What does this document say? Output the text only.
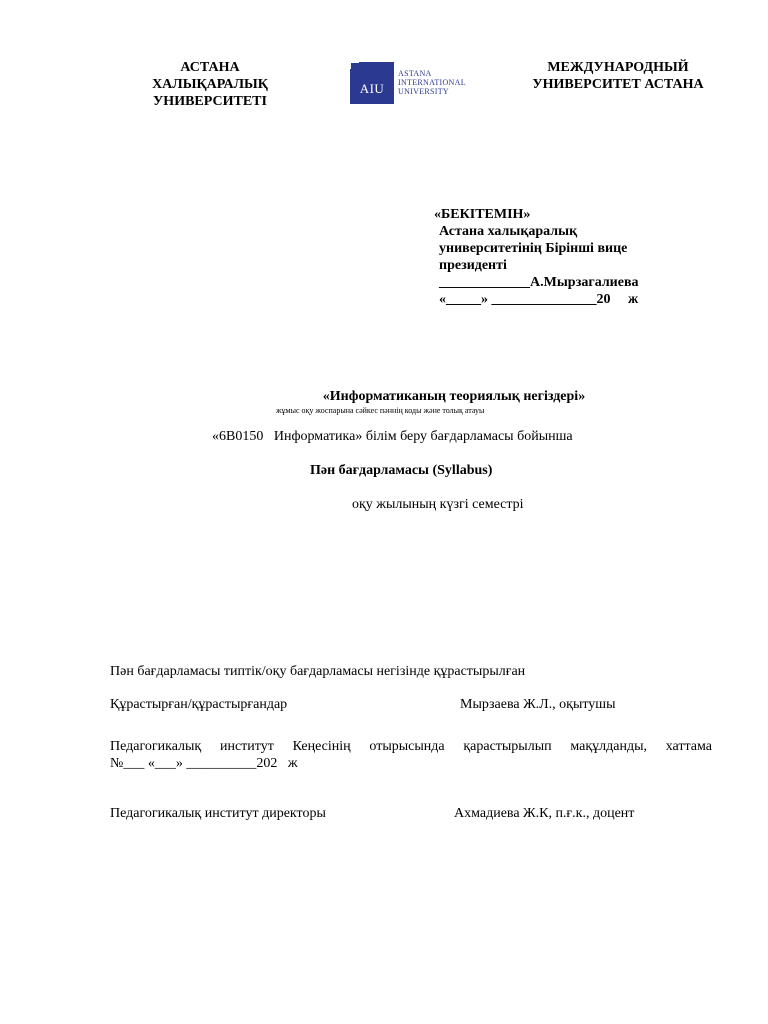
АСТАНА
ХАЛЫҚАРАЛЫҚ
УНИВЕРСИТЕТІ
AIU
ASTANA
INTERNATIONAL
UNIVERSITY
МЕЖДУНАРОДНЫЙ
УНИВЕРСИТЕТ АСТАНА
«БЕКІТЕМІН»
Астана халықаралық
университетінің Бірінші вице
президенті
_____________А.Мырзагалиева
«_____» _______________20     ж
«Информатиканың теориялық негіздері»
жұмыс оқу жоспарына сәйкес пәннің коды және толық атауы
«6В0150   Информатика» білім беру бағдарламасы бойынша
Пән бағдарламасы (Syllabus)
оқу жылының күзгі семестрі
Пән бағдарламасы типтік/оқу бағдарламасы негізінде құрастырылған
Құрастырған/құрастырғандар	Мырзаева Ж.Л., оқытушы
Педагогикалық институт Кеңесінің отырысында қарастырылып мақұлданды, хаттама
№___ «___» __________202   ж
Педагогикалық институт директоры	Ахмадиева Ж.К, п.ғ.к., доцент
